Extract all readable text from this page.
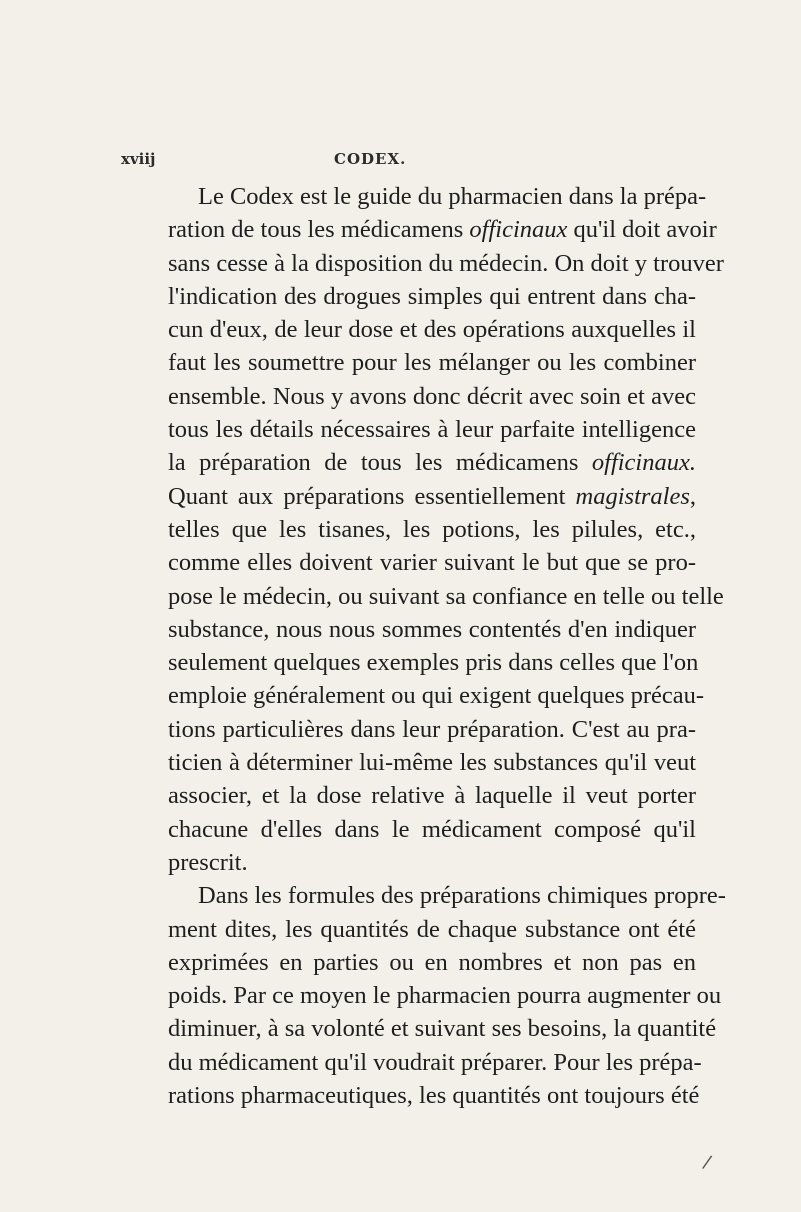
xviij	CODEX.
Le Codex est le guide du pharmacien dans la prépa-
ration de tous les médicamens officinaux qu'il doit avoir
sans cesse à la disposition du médecin. On doit y trouver
l'indication des drogues simples qui entrent dans cha-
cun d'eux, de leur dose et des opérations auxquelles il
faut les soumettre pour les mélanger ou les combiner
ensemble. Nous y avons donc décrit avec soin et avec
tous les détails nécessaires à leur parfaite intelligence
la préparation de tous les médicamens officinaux.
Quant aux préparations essentiellement magistrales,
telles que les tisanes, les potions, les pilules, etc.,
comme elles doivent varier suivant le but que se pro-
pose le médecin, ou suivant sa confiance en telle ou telle
substance, nous nous sommes contentés d'en indiquer
seulement quelques exemples pris dans celles que l'on
emploie généralement ou qui exigent quelques précau-
tions particulières dans leur préparation. C'est au pra-
ticien à déterminer lui-même les substances qu'il veut
associer, et la dose relative à laquelle il veut porter
chacune d'elles dans le médicament composé qu'il
prescrit.
Dans les formules des préparations chimiques propre-
ment dites, les quantités de chaque substance ont été
exprimées en parties ou en nombres et non pas en
poids. Par ce moyen le pharmacien pourra augmenter ou
diminuer, à sa volonté et suivant ses besoins, la quantité
du médicament qu'il voudrait préparer. Pour les prépa-
rations pharmaceutiques, les quantités ont toujours été
/
